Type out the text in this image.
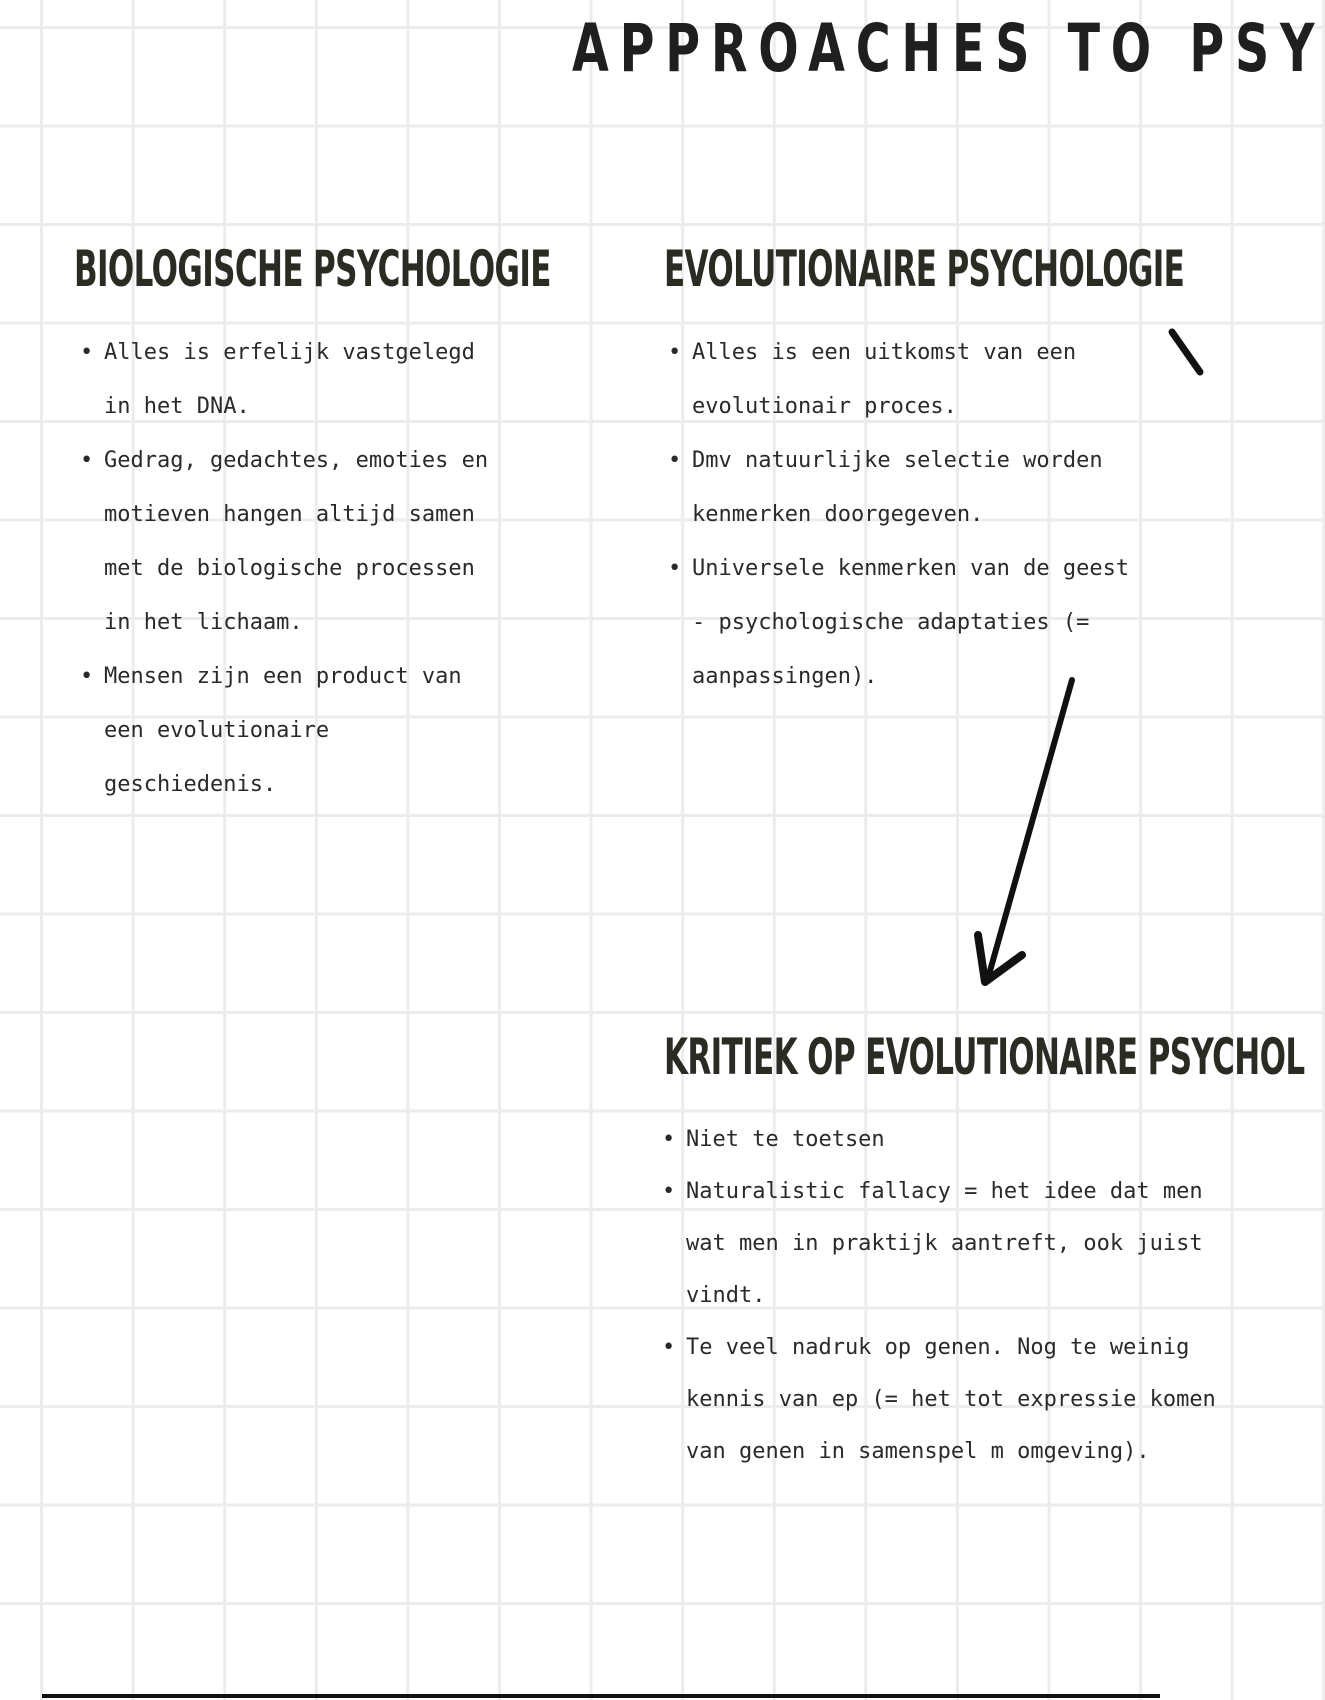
APPROACHES TO PSY
BIOLOGISCHE PSYCHOLOGIE
• Alles is erfelijk vastgelegd in het DNA.
• Gedrag, gedachtes, emoties en motieven hangen altijd samen met de biologische processen in het lichaam.
• Mensen zijn een product van een evolutionaire geschiedenis.
EVOLUTIONAIRE PSYCHOLOGIE
• Alles is een uitkomst van een evolutionair proces.
• Dmv natuurlijke selectie worden kenmerken doorgegeven.
• Universele kenmerken van de geest - psychologische adaptaties (= aanpassingen).
KRITIEK OP EVOLUTIONAIRE PSYCHOL
• Niet te toetsen
• Naturalistic fallacy = het idee dat men wat men in praktijk aantreft, ook juist vindt.
• Te veel nadruk op genen. Nog te weinig kennis van ep (= het tot expressie komen van genen in samenspel m omgeving).
